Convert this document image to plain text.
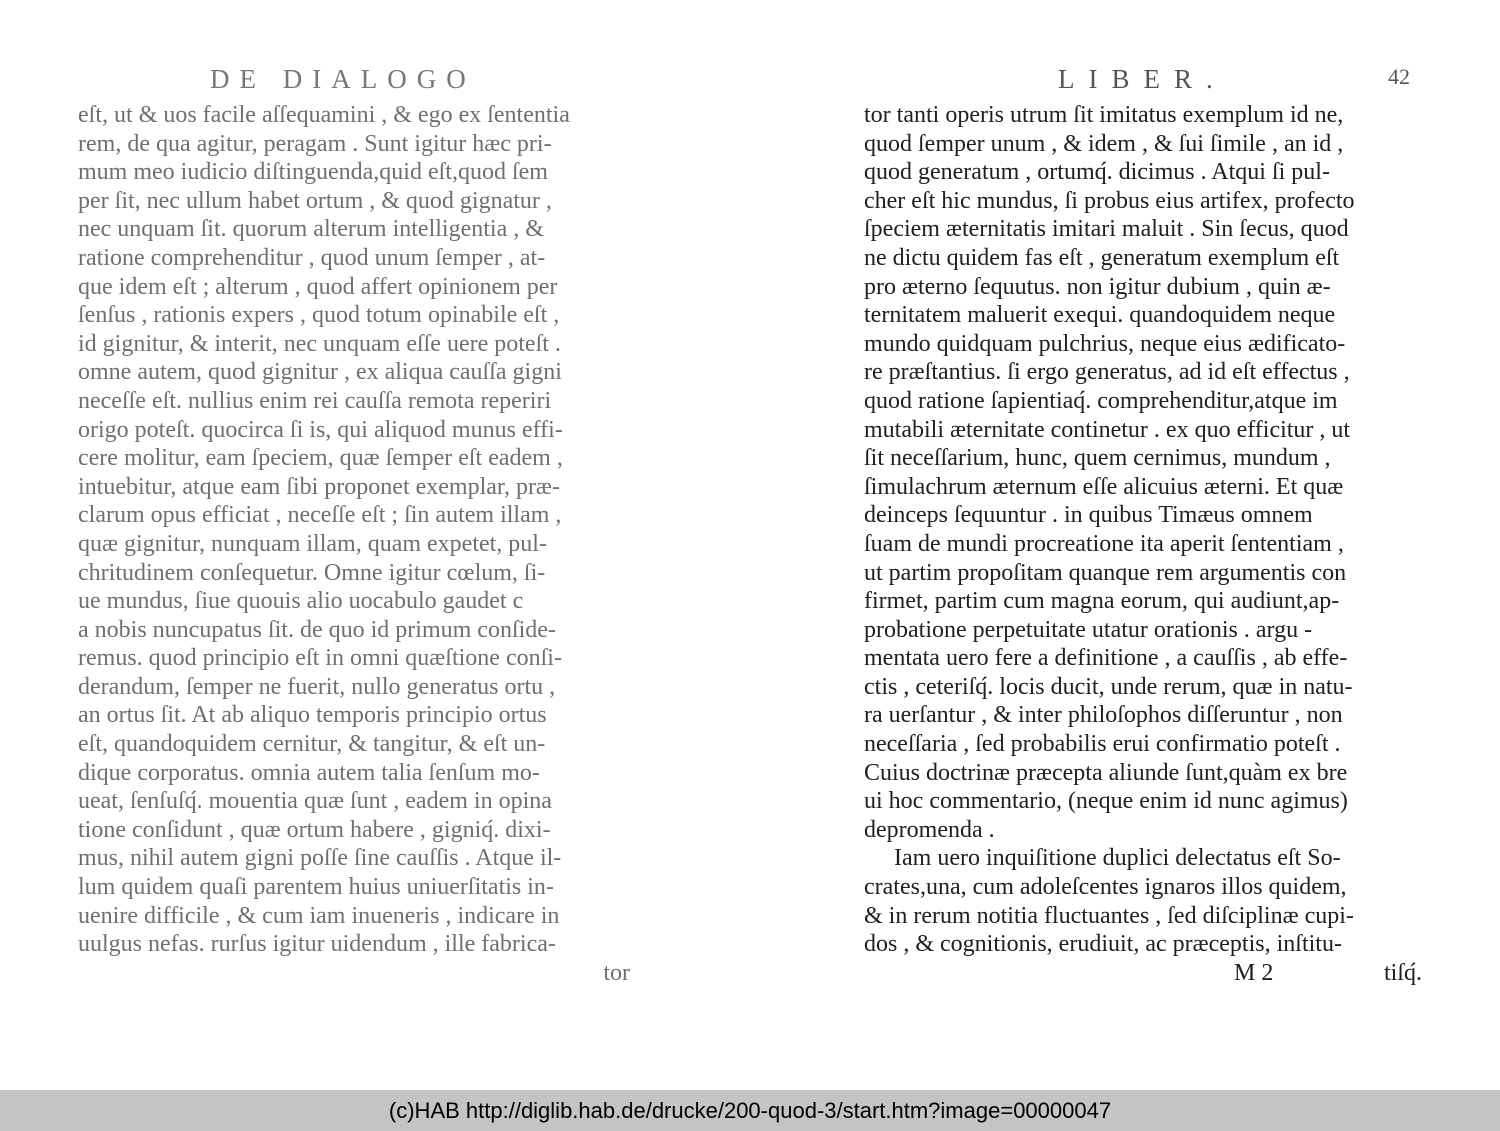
DE DIALOGO
eſt, ut & uos facile aſſequamini , & ego ex ſententia
rem, de qua agitur, peragam . Sunt igitur hæc pri-
mum meo iudicio diſtinguenda,quid eſt,quod ſem
per ſit, nec ullum habet ortum , & quod gignatur ,
nec unquam ſit. quorum alterum intelligentia , &
ratione comprehenditur , quod unum ſemper , at-
que idem eſt ; alterum , quod affert opinionem per
ſenſus , rationis expers , quod totum opinabile eſt ,
id gignitur, & interit, nec unquam eſſe uere poteſt .
omne autem, quod gignitur , ex aliqua cauſſa gigni
neceſſe eſt. nullius enim rei cauſſa remota reperiri
origo poteſt. quocirca ſi is, qui aliquod munus effi-
cere molitur, eam ſpeciem, quæ ſemper eſt eadem ,
intuebitur, atque eam ſibi proponet exemplar, præ-
clarum opus efficiat , neceſſe eſt ; ſin autem illam ,
quæ gignitur, nunquam illam, quam expetet, pul-
chritudinem conſequetur. Omne igitur cœlum, ſi-
ue mundus, ſiue quouis alio uocabulo gaudet c
a nobis nuncupatus ſit. de quo id primum conſide-
remus. quod principio eſt in omni quæſtione conſi-
derandum, ſemper ne fuerit, nullo generatus ortu ,
an ortus ſit. At ab aliquo temporis principio ortus
eſt, quandoquidem cernitur, & tangitur, & eſt un-
dique corporatus. omnia autem talia ſenſum mo-
ueat, ſenſuſq́. mouentia quæ ſunt , eadem in opina
tione conſidunt , quæ ortum habere , gigniq́. dixi-
mus, nihil autem gigni poſſe ſine cauſſis . Atque il-
lum quidem quaſi parentem huius uniuerſitatis in-
uenire difficile , & cum iam inueneris , indicare in
uulgus nefas. rurſus igitur uidendum , ille fabrica-
tor
LIBER.	42
tor tanti operis utrum ſit imitatus exemplum id ne,
quod ſemper unum , & idem , & ſui ſimile , an id ,
quod generatum , ortumq́. dicimus . Atqui ſi pul-
cher eſt hic mundus, ſi probus eius artifex, profecto
ſpeciem æternitatis imitari maluit . Sin ſecus, quod
ne dictu quidem fas eſt , generatum exemplum eſt
pro æterno ſequutus. non igitur dubium , quin æ-
ternitatem maluerit exequi. quandoquidem neque
mundo quidquam pulchrius, neque eius ædificato-
re præſtantius. ſi ergo generatus, ad id eſt effectus ,
quod ratione ſapientiaq́. comprehenditur,atque im
mutabili æternitate continetur . ex quo efficitur , ut
ſit neceſſarium, hunc, quem cernimus, mundum ,
ſimulachrum æternum eſſe alicuius æterni. Et quæ
deinceps ſequuntur . in quibus Timæus omnem
ſuam de mundi procreatione ita aperit ſententiam ,
ut partim propoſitam quanque rem argumentis con
firmet, partim cum magna eorum, qui audiunt,ap-
probatione perpetuitate utatur orationis . argu -
mentata uero fere a definitione , a cauſſis , ab effe-
ctis , ceteriſq́. locis ducit, unde rerum, quæ in natu-
ra uerſantur , & inter philoſophos diſſeruntur , non
neceſſaria , ſed probabilis erui confirmatio poteſt .
Cuius doctrinæ præcepta aliunde ſunt,quàm ex bre
ui hoc commentario, (neque enim id nunc agimus)
depromenda .
Iam uero inquiſitione duplici delectatus eſt So-
crates,una, cum adoleſcentes ignaros illos quidem,
& in rerum notitia fluctuantes , ſed diſciplinæ cupi-
dos , & cognitionis, erudiuit, ac præceptis, inſtitu-
M 2	tiſq́.
(c)HAB http://diglib.hab.de/drucke/200-quod-3/start.htm?image=00000047
